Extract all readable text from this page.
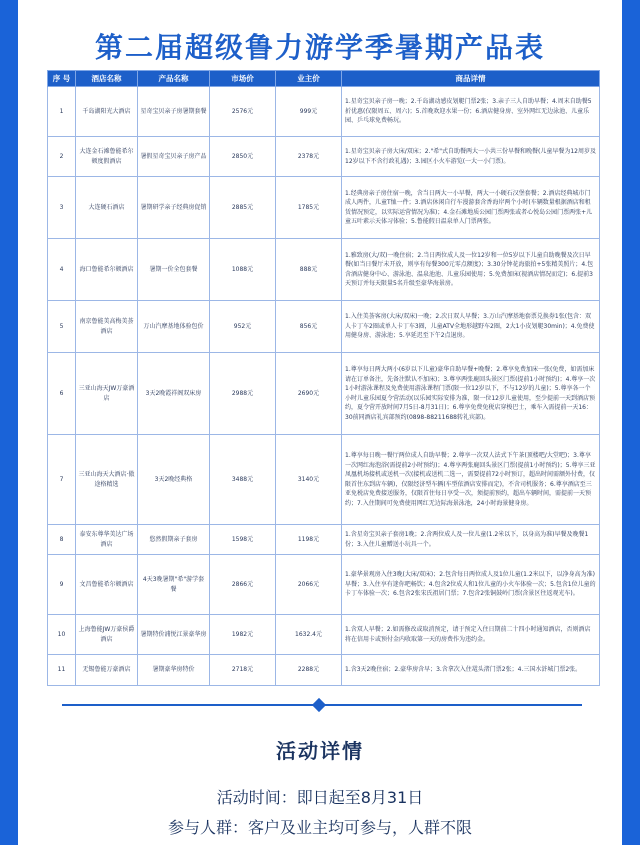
第二届超级鲁力游学季暑期产品表
序 号	酒店名称	产品名称	市场价	业主价	商品详情
1	千岛湖阳光大酒店	星奇宝贝亲子房暑期套餐	2576元	999元	1.星奇宝贝亲子房一晚；2.千岛湖动感皮划艇门票2张；3.亲子三人自助早餐；4.周末自助餐5折优惠(仅限周五、周六)；5.首晚欢迎水果一份；6.酒店健身房、室外网红无边泳池、儿童乐园、乒乓球免费畅玩。
2	大连金石滩鲁能希尔顿度假酒店	暑假星奇宝贝亲子房产品	2850元	2378元	1.星奇宝贝亲子房大床/双床；2."希"式自助餐两大一小共三份早餐和晚餐(儿童早餐为12周岁及12岁以下不含行政礼遇)；3.园区小火车游览(一大一小门票)。
3	大连硬石酒店	暑期研学亲子经典房促销	2885元	1785元	1.经典房亲子房住宿一晚，含当日两大一小早餐，两大一小硬石汉堡套餐；2.酒店经典城市门成人两件，儿童T恤一件；3.酒店休闲自行车漫游套含香海岸两个小时(车辆数量根据酒店和租赁情况预定，以实际运营情况为准)；4.金石滩地质公园门票两张或者心悦岛公园门票两张+儿童五叶素示天体习体验；5.鲁能假日温泉单人门票两张。
4	海口鲁能希尔顿酒店	暑期一价全包套餐	1088元	888元	1.雅致房(大/双)一晚住宿；2.当日两位成人及一位12岁和一位5岁以下儿童自助晚餐及次日早餐(如当日餐厅未开放，则享有每餐300元零点额度)；3.30分钟花海旅拍+5张精美照片；4.包含酒店健身中心、游泳池、温泉池池、儿童乐园使用；5.免费加床(视酒店情况而定)；6.提前3天预订并每天限量5名升级至豪华海景房。
5	南京鲁能美高梅美荟酒店	万山汽摩基地体验包价	952元	856元	1.入住美荟客房(大床/双床)一晚；2.次日双人早餐；3.万山汽摩基地套票兑换券1张(包含：双人卡丁车2圈或单人卡丁车3圈，儿童ATV全地形越野车2圈，2大1小皮划艇30min)；4.免费使用健身房、游泳池；5.享延迟至下午2点退房。
6	三亚山海天JW万豪酒店	3天2晚霞祥阁双床房	2988元	2690元	1.尊享每日两大两小(6岁以下儿童)豪华自助早餐+晚餐；2.尊享免费加床一张(免费，如需加床请在订单备注，先备注默认不加床)；3.尊享两张鹿回头景区门票(提前1小时预约)；4.尊享一次1小时游泳课程及免费使用游泳课程门票(限一位12岁以下，不与12岁的儿童)；5.尊享各一个小时儿童乐园夏令营活动(以乐园实际安排为准，限一位12岁儿童使用，至少提前一天到酒店预约，夏令营开放时间7月5日-8月31日)；6.尊享免费免税店穿梭巴士，乘车入需提前一天16：30前同酒店礼宾部预约(0898-88211688转礼宾部)。
7	三亚山海天大酒店·傲途格精选	3天2晚经典格	3488元	3140元	1.尊享每日晚一餐厅两位成人自助早餐；2.尊享一次双人法式下午茶(顶楼吧/大堂吧)；3.尊享一次网红海泡浴(需提前2小时预约)；4.尊享两张鹿回头景区门票(提前1小时预约)；5.尊享三亚凤凰机场接机或送机一次(接机或送机二选一，需要提前72小时预订，超出时间需额外付费，仅限首住东到店车辆)，仅限经济型车辆(车型依酒店安排而定)，不含司机服务；6.尊享酒店至三亚免税店免费接送服务，仅限首住每日享受一次，须提前预约，超出车辆时间，需提前一天预约；7.入住期间可免费使用网红无边际海景泳池，24小时海景健身房。
8	泰安东尊华美达广场酒店	悠然假期亲子套房	1598元	1198元	1.含星奇宝贝亲子套房1晚；2.含两位成人及一位儿童(1.2米以下，以身高为准)早餐及晚餐1份；3.入住儿童赠送小玩具一个。
9	文昌鲁能希尔顿酒店	4天3晚暑期"希"游学套餐	2866元	2066元	1.豪华景观房入住3晚(大床/双床)；2.包含每日两位成人及1位儿童(1.2米以下，以净身高为准)早餐；3.入住享有迷你吧畅饮；4.包含2位成人和1位儿童的小火车体验一次；5.包含1位儿童的卡丁车体验一次；6.包含2张宋氏祖居门票；7.包含2张铜鼓岭门票(含景区往返观光车)。
10	上海鲁能JW万豪侯爵酒店	暑期特价浦悦江景豪华房	1982元	1632.4元	1.含双人早餐；2.如需修改或取消预定，请于预定入住日期前二十四小时通知酒店，否则酒店将在信用卡或预付金内收取第一天的房费作为违约金。
11	无锡鲁能万豪酒店	暑期豪华房特价	2718元	2288元	1.含3天2晚住宿；2.豪华房含早；3.含拿次入住鼋头渚门票2张；4.三国水浒城门票2张。
活动详情
活动时间：即日起至8月31日
参与人群：客户及业主均可参与，人群不限
